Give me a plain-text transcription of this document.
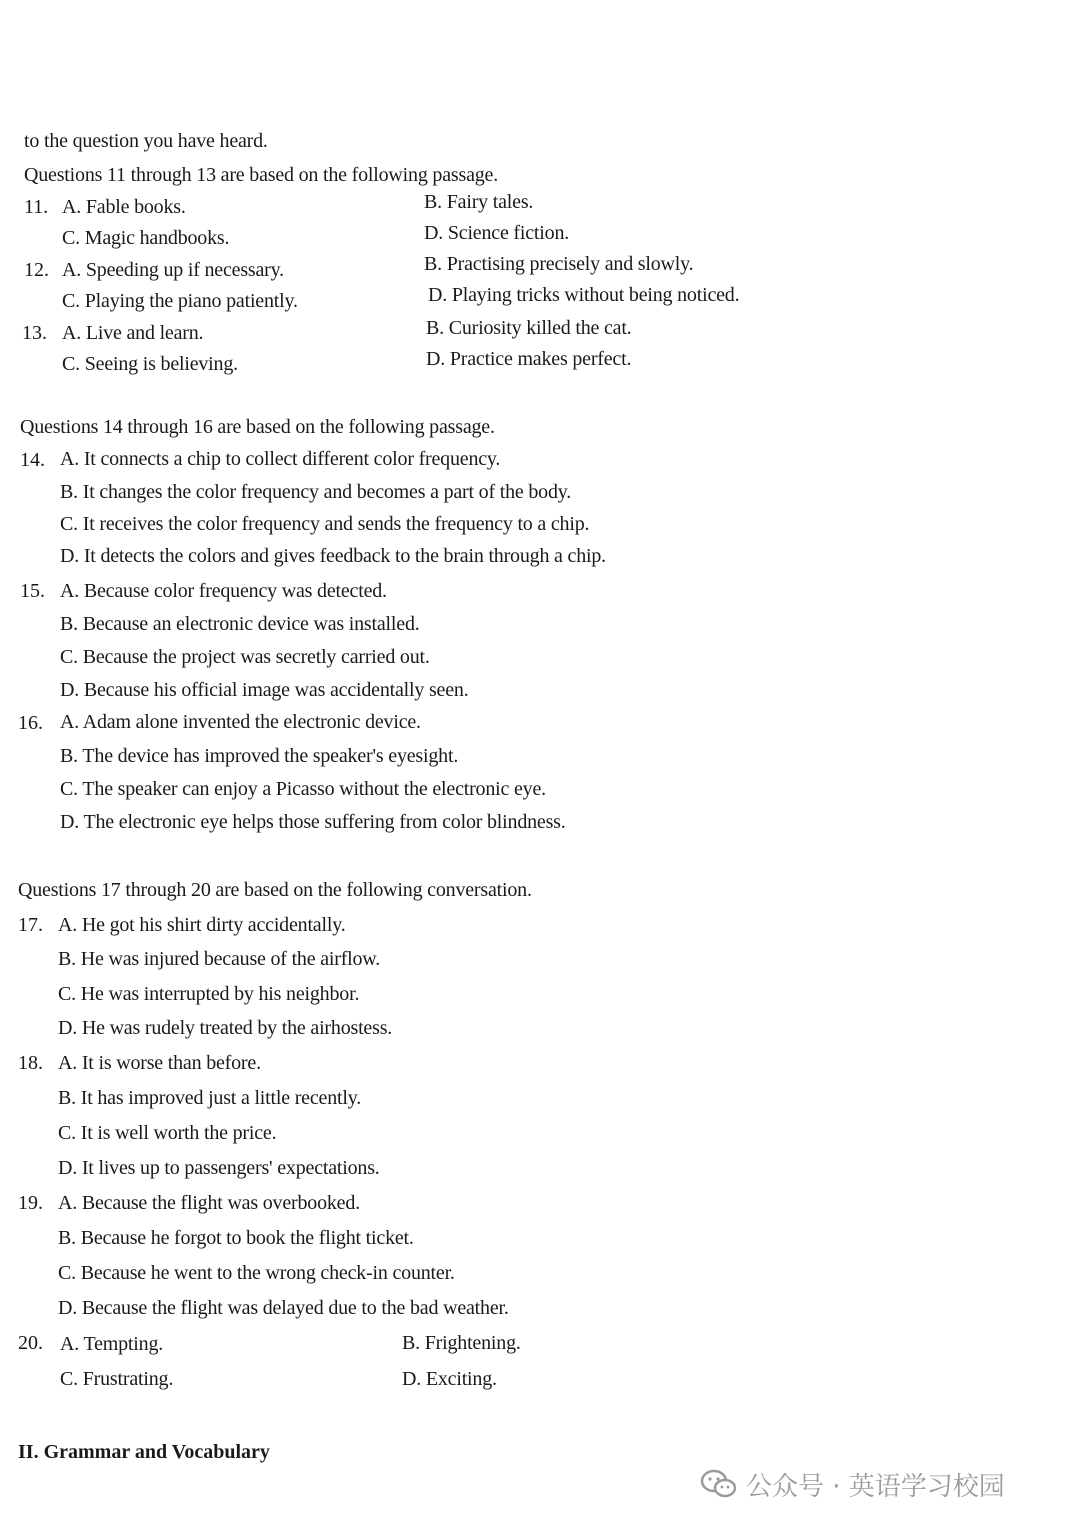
to the question you have heard.
Questions 11 through 13 are based on the following passage.
11. A. Fable books.	B. Fairy tales.
C. Magic handbooks.	D. Science fiction.
12. A. Speeding up if necessary.	B. Practising precisely and slowly.
C. Playing the piano patiently.	D. Playing tricks without being noticed.
13. A. Live and learn.	B. Curiosity killed the cat.
C. Seeing is believing.	D. Practice makes perfect.
Questions 14 through 16 are based on the following passage.
14. A. It connects a chip to collect different color frequency.
B. It changes the color frequency and becomes a part of the body.
C. It receives the color frequency and sends the frequency to a chip.
D. It detects the colors and gives feedback to the brain through a chip.
15. A. Because color frequency was detected.
B. Because an electronic device was installed.
C. Because the project was secretly carried out.
D. Because his official image was accidentally seen.
16. A. Adam alone invented the electronic device.
B. The device has improved the speaker's eyesight.
C. The speaker can enjoy a Picasso without the electronic eye.
D. The electronic eye helps those suffering from color blindness.
Questions 17 through 20 are based on the following conversation.
17. A. He got his shirt dirty accidentally.
B. He was injured because of the airflow.
C. He was interrupted by his neighbor.
D. He was rudely treated by the airhostess.
18. A. It is worse than before.
B. It has improved just a little recently.
C. It is well worth the price.
D. It lives up to passengers' expectations.
19. A. Because the flight was overbooked.
B. Because he forgot to book the flight ticket.
C. Because he went to the wrong check-in counter.
D. Because the flight was delayed due to the bad weather.
20. A. Tempting.	B. Frightening.
C. Frustrating.	D. Exciting.
II. Grammar and Vocabulary
公众号 · 英语学习校园
